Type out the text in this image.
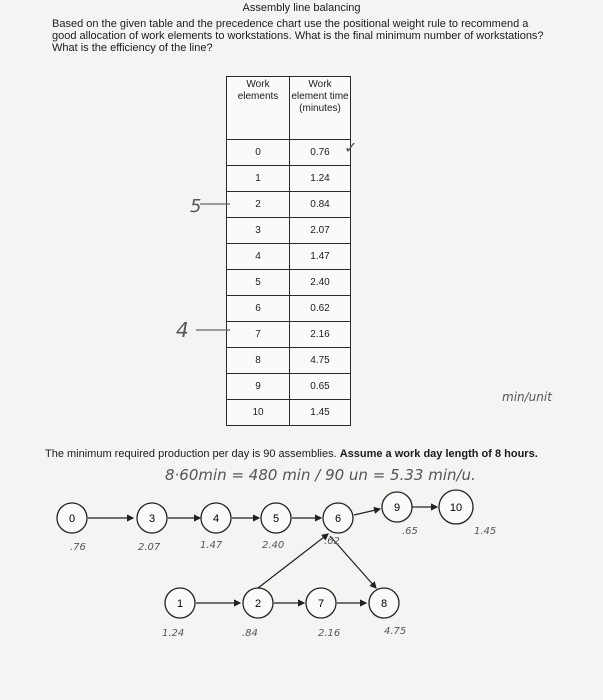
Assembly line balancing
Based on the given table and the precedence chart use the positional weight rule to recommend a good allocation of work elements to workstations. What is the final minimum number of workstations? What is the efficiency of the line?
Work elements	Work element time (minutes)
0	0.76
1	1.24
2	0.84
3	2.07
4	1.47
5	2.40
6	0.62
7	2.16
8	4.75
9	0.65
10	1.45
✓
5
4
min/unit
The minimum required production per day is 90 assemblies. Assume a work day length of 8 hours.
8·60min = 480 min / 90 un = 5.33 min/u.
0	3	4	5	6
9	10
1	2	7	8
.76	2.07	1.47	2.40	.62
.65	1.45
1.24	.84	2.16	4.75
